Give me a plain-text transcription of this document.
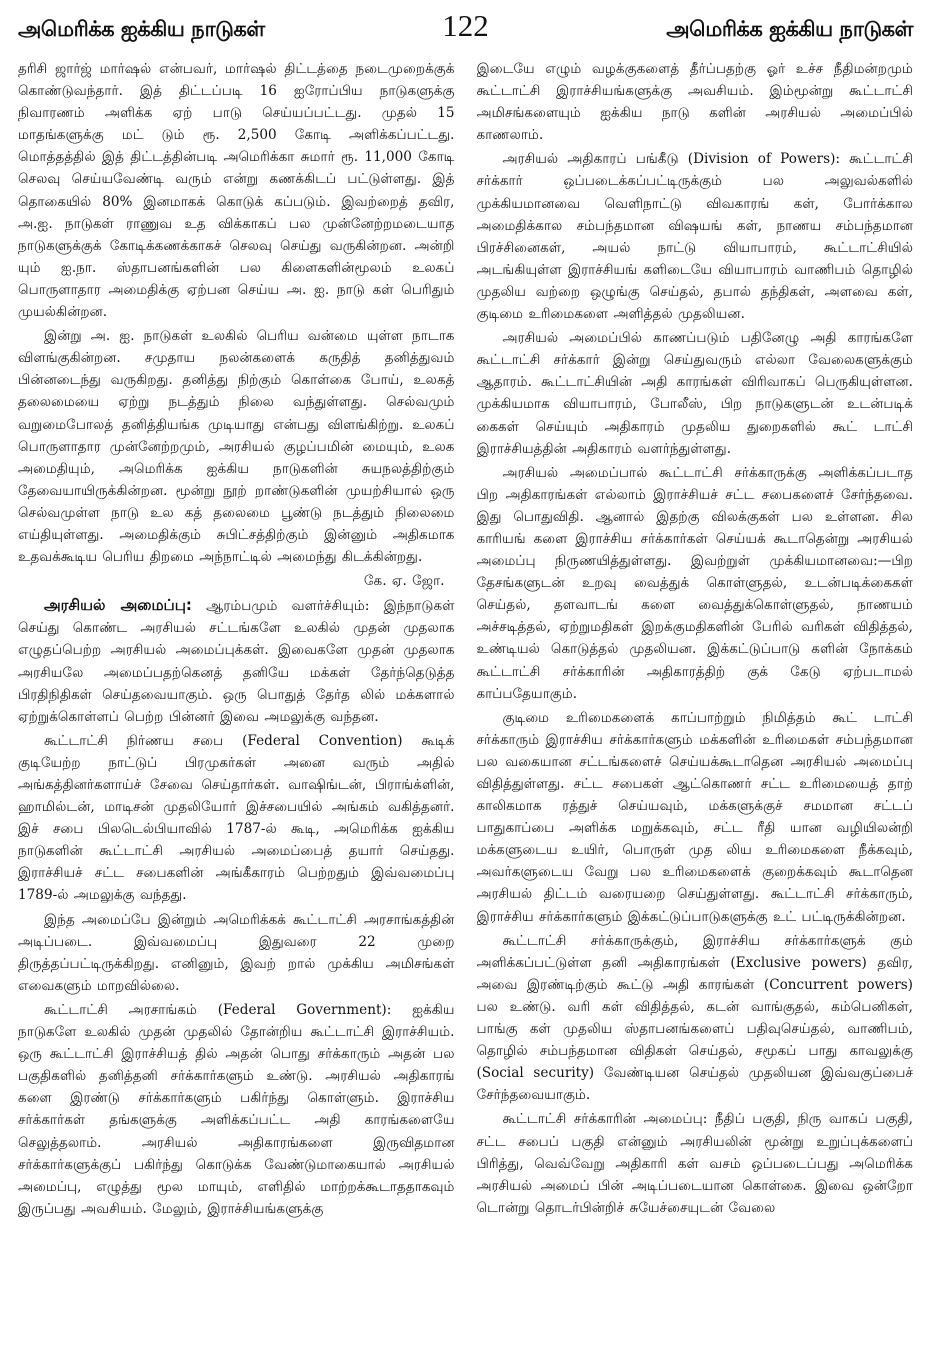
அமெரிக்க ஐக்கிய நாடுகள்	122	அமெரிக்க ஐக்கிய நாடுகள்

தரிசி ஜார்ஜ் மார்ஷல் என்பவர், மார்ஷல் திட்டத்தை நடைமுறைக்குக் கொண்டுவந்தார். இத் திட்டப்படி 16 ஐரோப்பிய நாடுகளுக்கு நிவாரணம் அளிக்க ஏற் பாடு செய்யப்பட்டது. முதல் 15 மாதங்களுக்கு மட் டும் ரூ. 2,500 கோடி அளிக்கப்பட்டது. மொத்தத்தில் இத் திட்டத்தின்படி அமெரிக்கா சுமார் ரூ. 11,000 கோடி செலவு செய்யவேண்டி வரும் என்று கணக்கிடப் பட்டுள்ளது. இத் தொகையில் 80% இனமாகக் கொடுக் கப்படும். இவற்றைத் தவிர, அ.ஐ. நாடுகள் ராணுவ உத விக்காகப் பல முன்னேற்றமடையாத நாடுகளுக்குக் கோடிக்கணக்காகச் செலவு செய்து வருகின்றன. அன்றி யும் ஐ.நா. ஸ்தாபனங்களின் பல கிளைகளின்மூலம் உலகப் பொருளாதார அமைதிக்கு ஏற்பன செய்ய அ. ஐ. நாடு கள் பெரிதும் முயல்கின்றன.

இன்று அ. ஐ. நாடுகள் உலகில் பெரிய வன்மை யுள்ள நாடாக விளங்குகின்றன. சமுதாய நலன்களைக் கருதித் தனித்துவம் பின்னடைந்து வருகிறது. தனித்து நிற்கும் கொள்கை போய், உலகத் தலைமையை ஏற்று நடத்தும் நிலை வந்துள்ளது. செல்வமும் வறுமைபோலத் தனித்தியங்க முடியாது என்பது விளங்கிற்று. உலகப் பொருளாதார முன்னேற்றமும், அரசியல் குழப்பமின் மையும், உலக அமைதியும், அமெரிக்க ஐக்கிய நாடுகளின் சுயநலத்திற்கும் தேவையாயிருக்கின்றன. மூன்று நூற் றாண்டுகளின் முயற்சியால் ஒரு செல்வமுள்ள நாடு உல கத் தலைமை பூண்டு நடத்தும் நிலைமை எய்தியுள்ளது. அமைதிக்கும் சுபிட்சத்திற்கும் இன்னும் அதிகமாக உதவக்கூடிய பெரிய திறமை அந்நாட்டில் அமைந்து கிடக்கின்றது.

கே. ஏ. ஜோ.

அரசியல் அமைப்பு: ஆரம்பமும் வளர்ச்சியும்: இந்நாடுகள் செய்து கொண்ட அரசியல் சட்டங்களே உலகில் முதன் முதலாக எழுதப்பெற்ற அரசியல் அமைப்புக்கள். இவைகளே முதன் முதலாக அரசியலே அமைப்பதற்கெனத் தனியே மக்கள் தேர்ந்தெடுத்த பிரதிநிதிகள் செய்தவையாகும். ஒரு பொதுத் தேர்த லில் மக்களால் ஏற்றுக்கொள்ளப் பெற்ற பின்னர் இவை அமலுக்கு வந்தன.

கூட்டாட்சி நிர்ணய சபை (Federal Convention) கூடிக் குடியேற்ற நாட்டுப் பிரமுகர்கள் அனை வரும் அதில் அங்கத்தினர்களாய்ச் சேவை செய்தார்கள். வாஷிங்டன், பிராங்க்ளின், ஹாமில்டன், மாடிசன் முதலியோர் இச்சபையில் அங்கம் வகித்தனர். இச் சபை பிலடெல்பியாவில் 1787-ல் கூடி, அமெரிக்க ஐக்கிய நாடுகளின் கூட்டாட்சி அரசியல் அமைப்பைத் தயார் செய்தது. இராச்சியச் சட்ட சபைகளின் அங்கீகாரம் பெற்றதும் இவ்வமைப்பு 1789-ல் அமலுக்கு வந்தது.

இந்த அமைப்பே இன்றும் அமெரிக்கக் கூட்டாட்சி அரசாங்கத்தின் அடிப்படை. இவ்வமைப்பு இதுவரை 22 முறை திருத்தப்பட்டிருக்கிறது. எனினும், இவற் றால் முக்கிய அமிசங்கள் எவைகளும் மாறவில்லை.

கூட்டாட்சி அரசாங்கம் (Federal Government): ஐக்கிய நாடுகளே உலகில் முதன் முதலில் தோன்றிய கூட்டாட்சி இராச்சியம். ஒரு கூட்டாட்சி இராச்சியத் தில் அதன் பொது சர்க்காரும் அதன் பல பகுதிகளில் தனித்தனி சர்க்கார்களும் உண்டு. அரசியல் அதிகாரங் களை இரண்டு சர்க்கார்களும் பகிர்ந்து கொள்ளும். இராச்சிய சர்க்கார்கள் தங்களுக்கு அளிக்கப்பட்ட அதி காரங்களையே செலுத்தலாம். அரசியல் அதிகாரங்களை இருவிதமான சர்க்கார்களுக்குப் பகிர்ந்து கொடுக்க வேண்டுமாகையால் அரசியல் அமைப்பு, எழுத்து மூல மாயும், எளிதில் மாற்றக்கூடாததாகவும் இருப்பது அவசியம். மேலும், இராச்சியங்களுக்கு

இடையே எழும் வழக்குகளைத் தீர்ப்பதற்கு ஓர் உச்ச நீதிமன்றமும் கூட்டாட்சி இராச்சியங்களுக்கு அவசியம். இம்மூன்று கூட்டாட்சி அமிசங்களையும் ஐக்கிய நாடு களின் அரசியல் அமைப்பில் காணலாம்.

அரசியல் அதிகாரப் பங்கீடு (Division of Powers): கூட்டாட்சி சர்க்கார் ஒப்படைக்கப்பட்டிருக்கும் பல அலுவல்களில் முக்கியமானவை வெளிநாட்டு விவகாரங் கள், போர்க்கால அமைதிக்கால சம்பந்தமான விஷயங் கள், நாணய சம்பந்தமான பிரச்சினைகள், அயல் நாட்டு வியாபாரம், கூட்டாட்சியில் அடங்கியுள்ள இராச்சியங் களிடையே வியாபாரம் வாணிபம் தொழில் முதலிய வற்றை ஒழுங்கு செய்தல், தபால் தந்திகள், அளவை கள், குடிமை உரிமைகளை அளித்தல் முதலியன.

அரசியல் அமைப்பில் காணப்படும் பதினேழு அதி காரங்களே கூட்டாட்சி சர்க்கார் இன்று செய்துவரும் எல்லா வேலைகளுக்கும் ஆதாரம். கூட்டாட்சியின் அதி காரங்கள் விரிவாகப் பெருகியுள்ளன. முக்கியமாக வியாபாரம், போலீஸ், பிற நாடுகளுடன் உடன்படிக் கைகள் செய்யும் அதிகாரம் முதலிய துறைகளில் கூட் டாட்சி இராச்சியத்தின் அதிகாரம் வளர்ந்துள்ளது.

அரசியல் அமைப்பால் கூட்டாட்சி சர்க்காருக்கு அளிக்கப்படாத பிற அதிகாரங்கள் எல்லாம் இராச்சியச் சட்ட சபைகளைச் சேர்ந்தவை. இது பொதுவிதி. ஆனால் இதற்கு விலக்குகள் பல உள்ளன. சில காரியங் களை இராச்சிய சர்க்கார்கள் செய்யக் கூடாதென்று அரசியல் அமைப்பு நிருணயித்துள்ளது. இவற்றுள் முக்கியமானவை:—பிற தேசங்களுடன் உறவு வைத்துக் கொள்ளுதல், உடன்படிக்கைகள் செய்தல், தளவாடங் களை வைத்துக்கொள்ளுதல், நாணயம் அச்சடித்தல், ஏற்றுமதிகள் இறக்குமதிகளின் பேரில் வரிகள் விதித்தல், உண்டியல் கொடுத்தல் முதலியன. இக்கட்டுப்பாடு களின் நோக்கம் கூட்டாட்சி சர்க்காரின் அதிகாரத்திற் குக் கேடு ஏற்படாமல் காப்பதேயாகும்.

குடிமை உரிமைகளைக் காப்பாற்றும் நிமித்தம் கூட் டாட்சி சர்க்காரும் இராச்சிய சர்க்கார்களும் மக்களின் உரிமைகள் சம்பந்தமான பல வகையான சட்டங்களைச் செய்யக்கூடாதென அரசியல் அமைப்பு விதித்துள்ளது. சட்ட சபைகள் ஆட்கொணர் சட்ட உரிமையைத் தாற் காலிகமாக ரத்துச் செய்யவும், மக்களுக்குச் சமமான சட்டப் பாதுகாப்பை அளிக்க மறுக்கவும், சட்ட ரீதி யான வழியிலன்றி மக்களுடைய உயிர், பொருள் முத லிய உரிமைகளை நீக்கவும், அவர்களுடைய வேறு பல உரிமைகளைக் குறைக்கவும் கூடாதென அரசியல் திட்டம் வரையறை செய்துள்ளது. கூட்டாட்சி சர்க்காரும், இராச்சிய சர்க்கார்களும் இக்கட்டுப்பாடுகளுக்கு உட் பட்டிருக்கின்றன.

கூட்டாட்சி சர்க்காருக்கும், இராச்சிய சர்க்கார்களுக் கும் அளிக்கப்பட்டுள்ள தனி அதிகாரங்கள் (Exclusive powers) தவிர, அவை இரண்டிற்கும் கூட்டு அதி காரங்கள் (Concurrent powers) பல உண்டு. வரி கள் விதித்தல், கடன் வாங்குதல், கம்பெனிகள், பாங்கு கள் முதலிய ஸ்தாபனங்களைப் பதிவுசெய்தல், வாணிபம், தொழில் சம்பந்தமான விதிகள் செய்தல், சமூகப் பாது காவலுக்கு (Social security) வேண்டியன செய்தல் முதலியன இவ்வகுப்பைச் சேர்ந்தவையாகும்.

கூட்டாட்சி சர்க்காரின் அமைப்பு: நீதிப் பகுதி, நிரு வாகப் பகுதி, சட்ட சபைப் பகுதி என்னும் அரசியலின் மூன்று உறுப்புக்களைப் பிரித்து, வெவ்வேறு அதிகாரி கள் வசம் ஒப்படைப்பது அமெரிக்க அரசியல் அமைப் பின் அடிப்படையான கொள்கை. இவை ஒன்றோ டொன்று தொடர்பின்றிச் சுயேச்சையுடன் வேலை
